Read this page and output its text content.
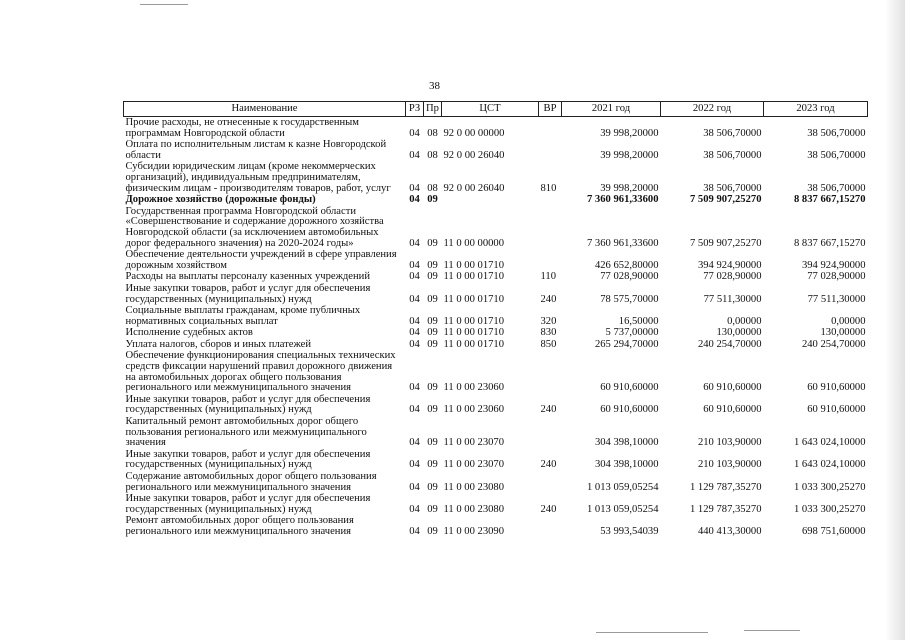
38
Наименование	РЗ	Пр	ЦСТ	ВР	2021 год	2022 год	2023 год
Прочие расходы, не отнесенные к государственным программам Новгородской области	04	08	92 0 00 00000		39 998,20000	38 506,70000	38 506,70000
Оплата по исполнительным листам к казне Новгородской области	04	08	92 0 00 26040		39 998,20000	38 506,70000	38 506,70000
Субсидии юридическим лицам (кроме некоммерческих организаций), индивидуальным предпринимателям, физическим лицам - производителям товаров, работ, услуг	04	08	92 0 00 26040	810	39 998,20000	38 506,70000	38 506,70000
Дорожное хозяйство (дорожные фонды)	04	09			7 360 961,33600	7 509 907,25270	8 837 667,15270
Государственная программа Новгородской области «Совершенствование и содержание дорожного хозяйства Новгородской области (за исключением автомобильных дорог федерального значения) на 2020-2024 годы»	04	09	11 0 00 00000		7 360 961,33600	7 509 907,25270	8 837 667,15270
Обеспечение деятельности учреждений в сфере управления дорожным хозяйством	04	09	11 0 00 01710		426 652,80000	394 924,90000	394 924,90000
Расходы на выплаты персоналу казенных учреждений	04	09	11 0 00 01710	110	77 028,90000	77 028,90000	77 028,90000
Иные закупки товаров, работ и услуг для обеспечения государственных (муниципальных) нужд	04	09	11 0 00 01710	240	78 575,70000	77 511,30000	77 511,30000
Социальные выплаты гражданам, кроме публичных нормативных социальных выплат	04	09	11 0 00 01710	320	16,50000	0,00000	0,00000
Исполнение судебных актов	04	09	11 0 00 01710	830	5 737,00000	130,00000	130,00000
Уплата налогов, сборов и иных платежей	04	09	11 0 00 01710	850	265 294,70000	240 254,70000	240 254,70000
Обеспечение функционирования специальных технических средств фиксации нарушений правил дорожного движения на автомобильных дорогах общего пользования регионального или межмуниципального значения	04	09	11 0 00 23060		60 910,60000	60 910,60000	60 910,60000
Иные закупки товаров, работ и услуг для обеспечения государственных (муниципальных) нужд	04	09	11 0 00 23060	240	60 910,60000	60 910,60000	60 910,60000
Капитальный ремонт автомобильных дорог общего пользования регионального или межмуниципального значения	04	09	11 0 00 23070		304 398,10000	210 103,90000	1 643 024,10000
Иные закупки товаров, работ и услуг для обеспечения государственных (муниципальных) нужд	04	09	11 0 00 23070	240	304 398,10000	210 103,90000	1 643 024,10000
Содержание автомобильных дорог общего пользования регионального или межмуниципального значения	04	09	11 0 00 23080		1 013 059,05254	1 129 787,35270	1 033 300,25270
Иные закупки товаров, работ и услуг для обеспечения государственных (муниципальных) нужд	04	09	11 0 00 23080	240	1 013 059,05254	1 129 787,35270	1 033 300,25270
Ремонт автомобильных дорог общего пользования регионального или межмуниципального значения	04	09	11 0 00 23090		53 993,54039	440 413,30000	698 751,60000
